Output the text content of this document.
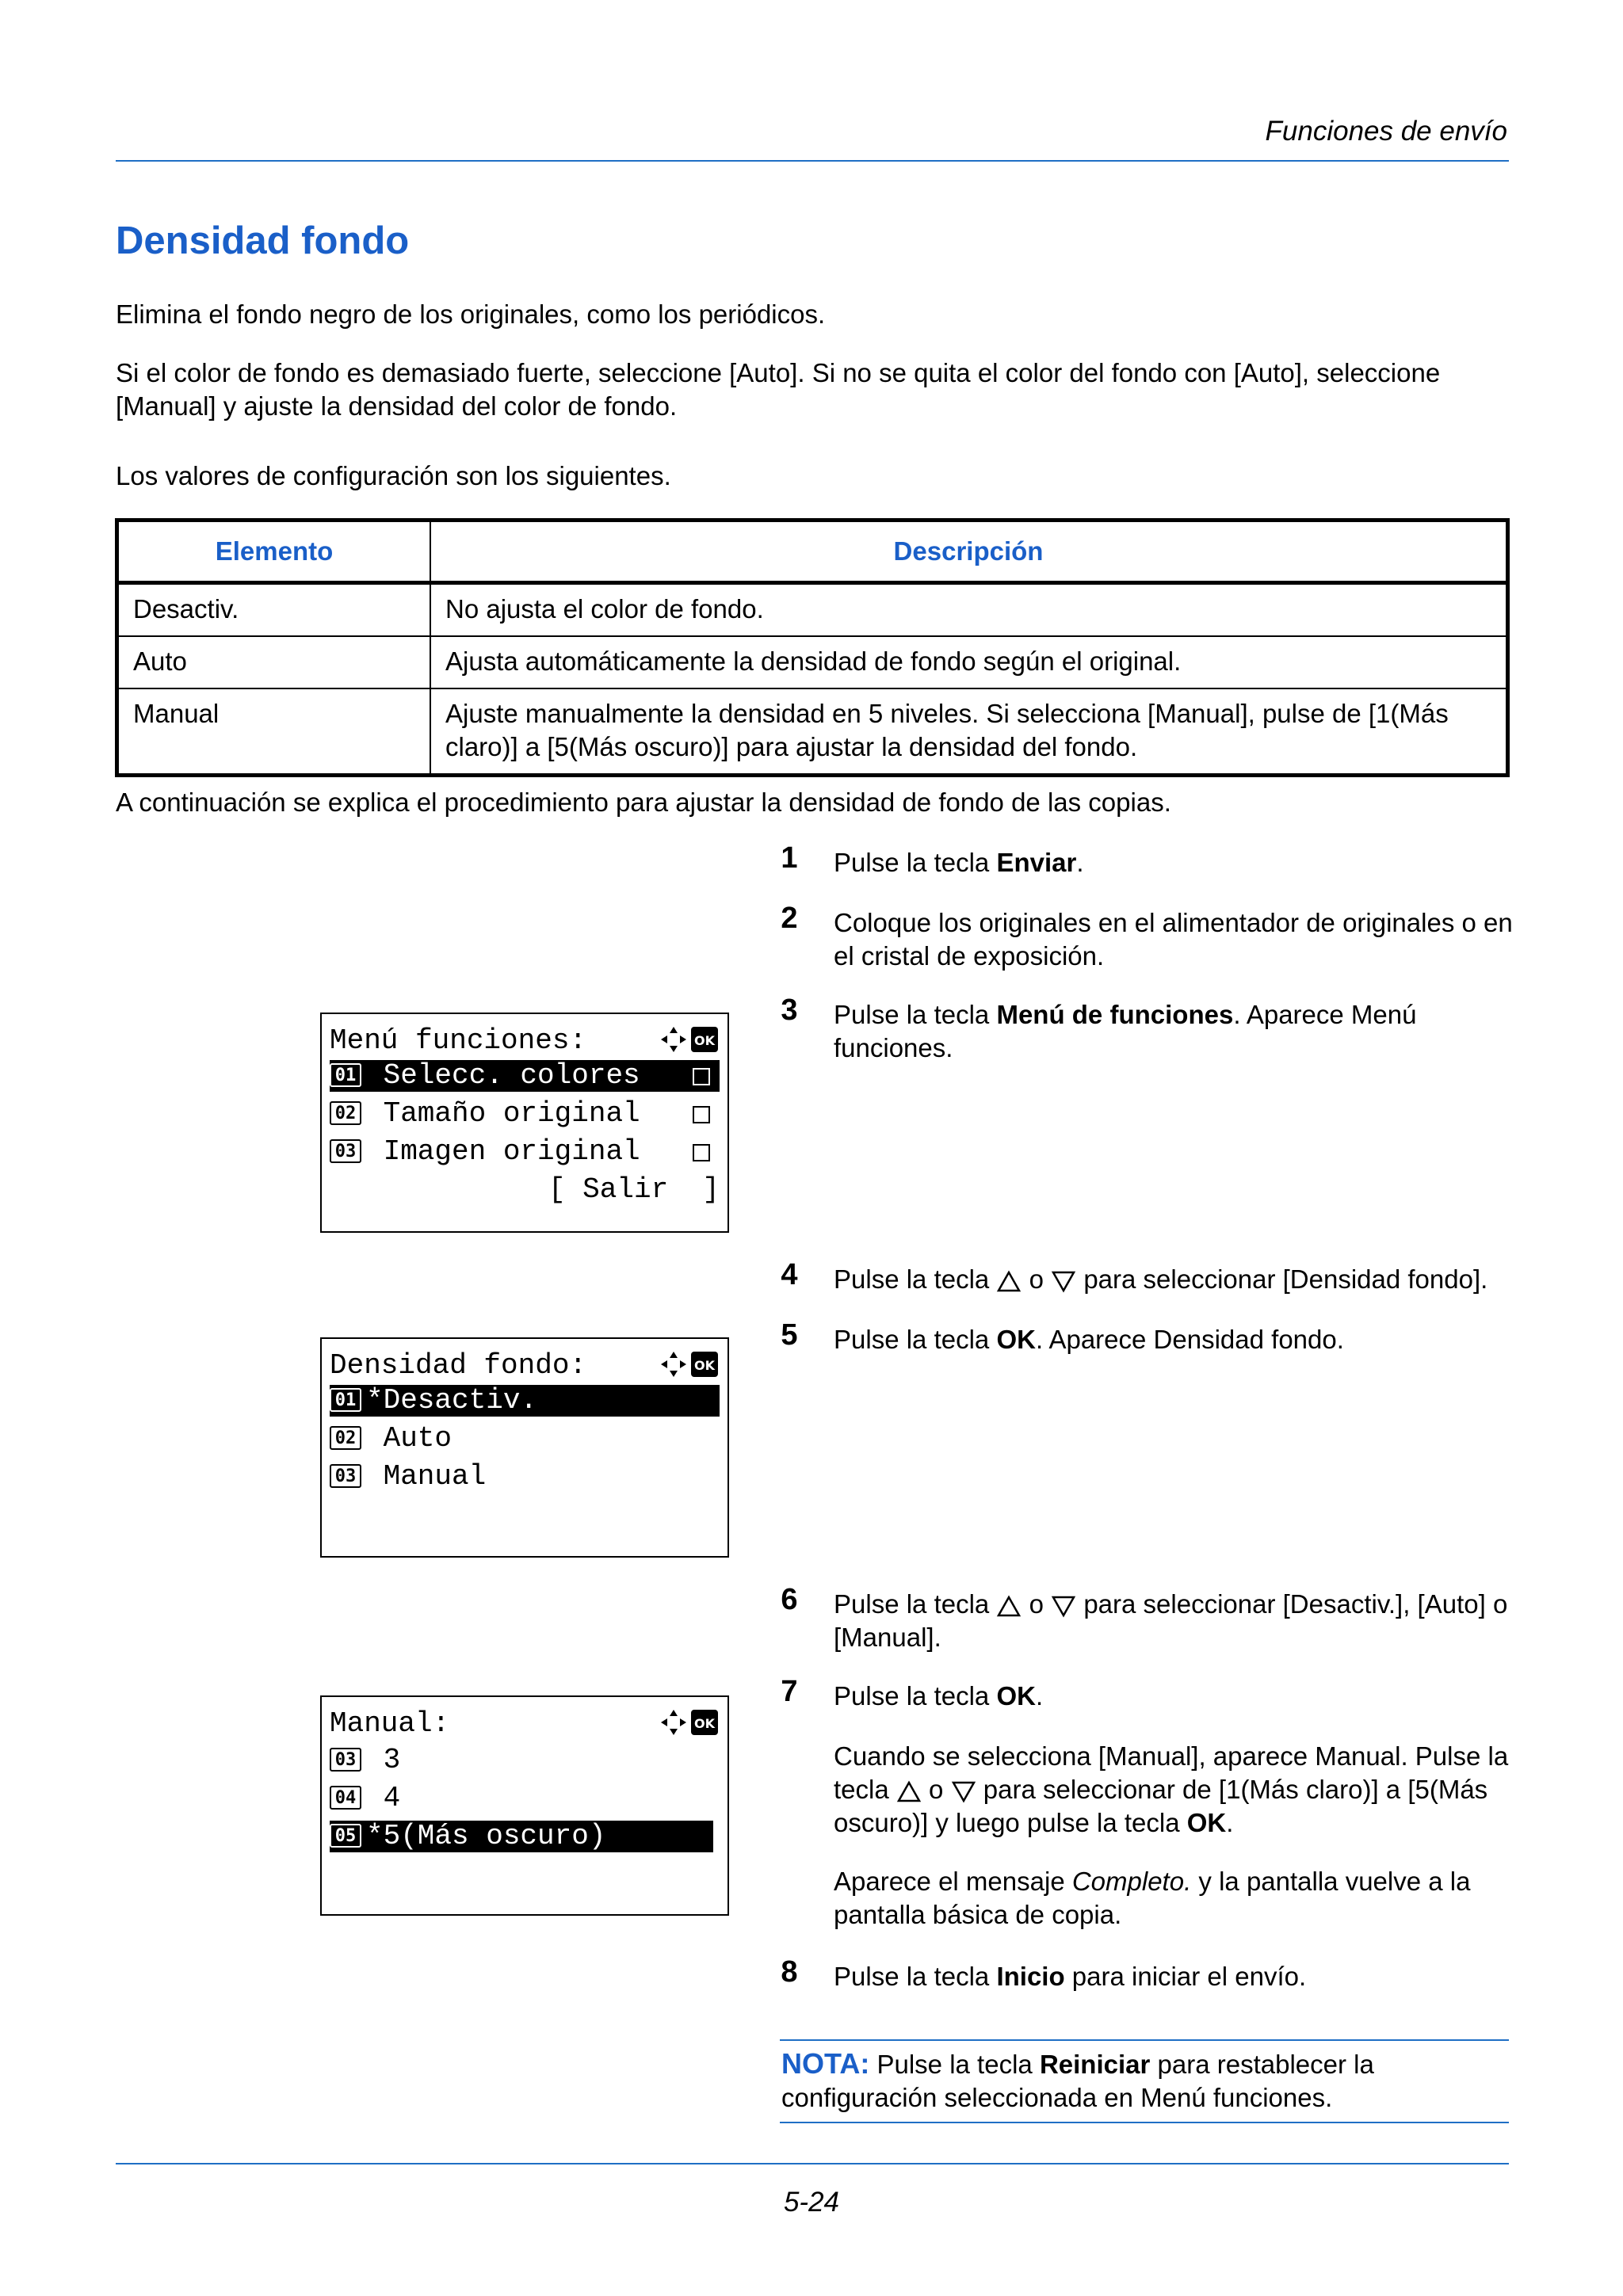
Funciones de envío
Densidad fondo
Elimina el fondo negro de los originales, como los periódicos.
Si el color de fondo es demasiado fuerte, seleccione [Auto]. Si no se quita el color del fondo con [Auto], seleccione [Manual] y ajuste la densidad del color de fondo.
Los valores de configuración son los siguientes.
Elemento	Descripción
Desactiv.	No ajusta el color de fondo.
Auto	Ajusta automáticamente la densidad de fondo según el original.
Manual	Ajuste manualmente la densidad en 5 niveles. Si selecciona [Manual], pulse de [1(Más claro)] a [5(Más oscuro)] para ajustar la densidad del fondo.
A continuación se explica el procedimiento para ajustar la densidad de fondo de las copias.
1 Pulse la tecla Enviar.
2 Coloque los originales en el alimentador de originales o en el cristal de exposición.
3 Pulse la tecla Menú de funciones. Aparece Menú funciones.
4 Pulse la tecla  o  para seleccionar [Densidad fondo].
5 Pulse la tecla OK. Aparece Densidad fondo.
6 Pulse la tecla  o  para seleccionar [Desactiv.], [Auto] o [Manual].
7 Pulse la tecla OK.
Cuando se selecciona [Manual], aparece Manual. Pulse la tecla  o  para seleccionar de [1(Más claro)] a [5(Más oscuro)] y luego pulse la tecla OK.
Aparece el mensaje Completo. y la pantalla vuelve a la pantalla básica de copia.
8 Pulse la tecla Inicio para iniciar el envío.
NOTA: Pulse la tecla Reiniciar para restablecer la configuración seleccionada en Menú funciones.
Menú funciones:	OK
01 Selecc. colores
02 Tamaño original
03 Imagen original
[ Salir  ]
Densidad fondo:	OK
01 *Desactiv.
02 Auto
03 Manual
Manual:	OK
03 3
04 4
05 *5(Más oscuro)
5-24
